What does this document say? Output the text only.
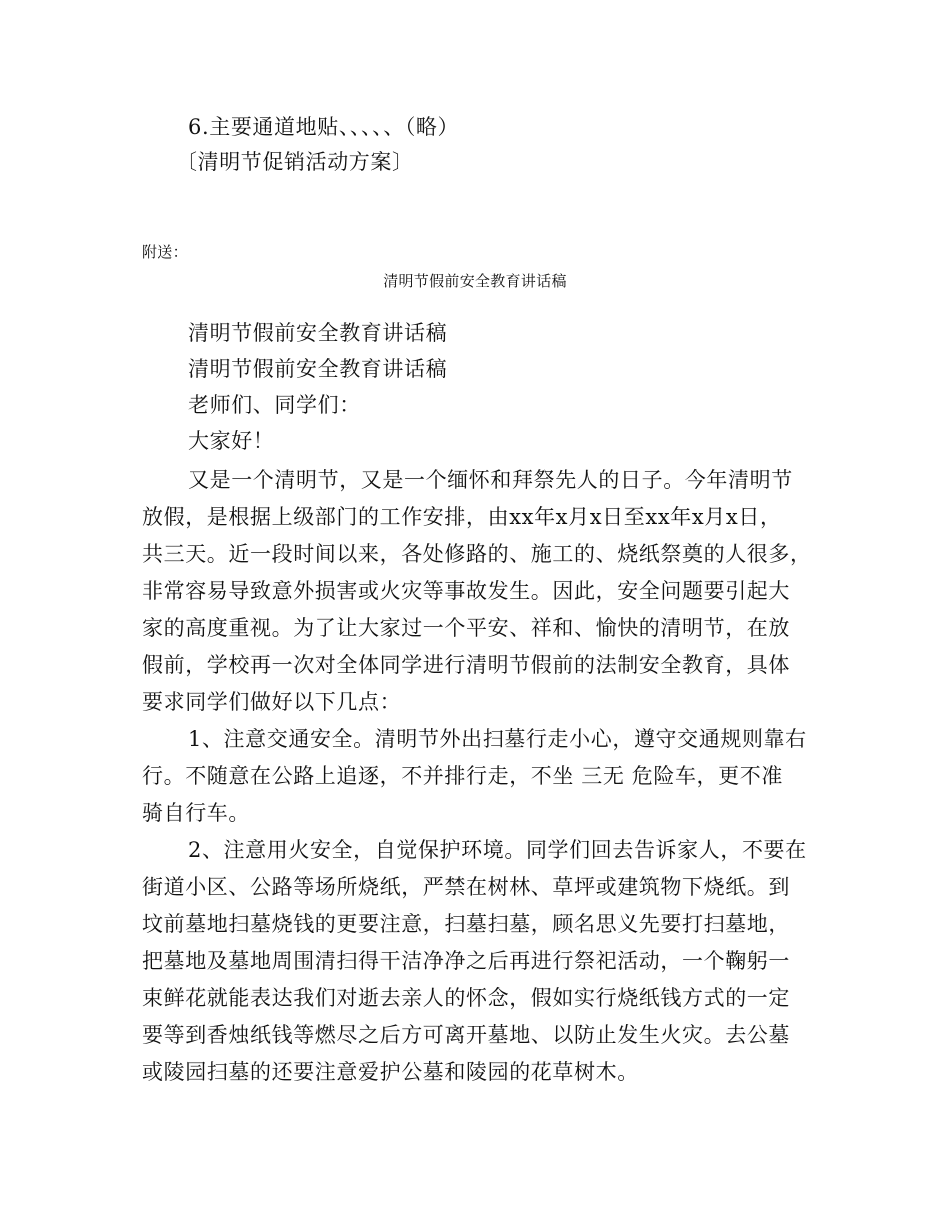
6.主要通道地贴、、、、、（略）
〔清明节促销活动方案〕
附送：
清明节假前安全教育讲话稿
清明节假前安全教育讲话稿
清明节假前安全教育讲话稿
老师们、同学们：
大家好！
又是一个清明节，又是一个缅怀和拜祭先人的日子。今年清明节
放假，是根据上级部门的工作安排，由xx年x月x日至xx年x月x日，
共三天。近一段时间以来，各处修路的、施工的、烧纸祭奠的人很多，
非常容易导致意外损害或火灾等事故发生。因此，安全问题要引起大
家的高度重视。为了让大家过一个平安、祥和、愉快的清明节，在放
假前，学校再一次对全体同学进行清明节假前的法制安全教育，具体
要求同学们做好以下几点：
1、注意交通安全。清明节外出扫墓行走小心，遵守交通规则靠右
行。不随意在公路上追逐，不并排行走，不坐 三无 危险车，更不准
骑自行车。
2、注意用火安全，自觉保护环境。同学们回去告诉家人，不要在
街道小区、公路等场所烧纸，严禁在树林、草坪或建筑物下烧纸。到
坟前墓地扫墓烧钱的更要注意，扫墓扫墓，顾名思义先要打扫墓地，
把墓地及墓地周围清扫得干洁净净之后再进行祭祀活动，一个鞠躬一
束鲜花就能表达我们对逝去亲人的怀念，假如实行烧纸钱方式的一定
要等到香烛纸钱等燃尽之后方可离开墓地、以防止发生火灾。去公墓
或陵园扫墓的还要注意爱护公墓和陵园的花草树木。
